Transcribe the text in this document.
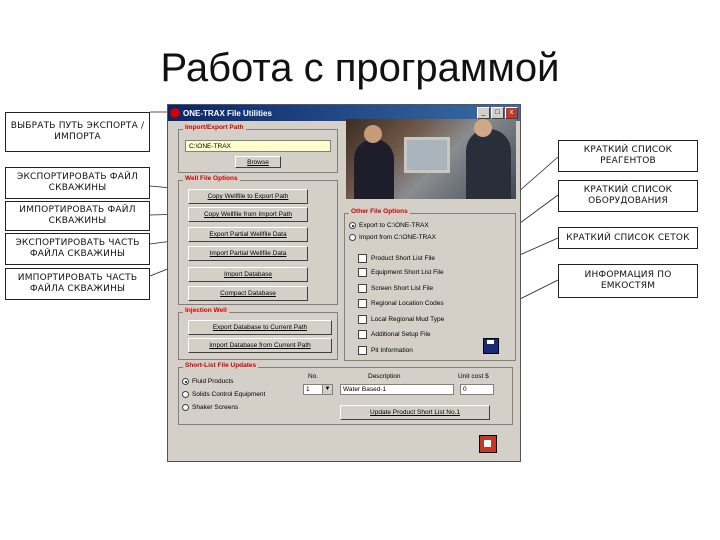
Работа с программой
ВЫБРАТЬ ПУТЬ ЭКСПОРТА / ИМПОРТА
ЭКСПОРТИРОВАТЬ ФАЙЛ СКВАЖИНЫ
ИМПОРТИРОВАТЬ ФАЙЛ СКВАЖИНЫ
ЭКСПОРТИРОВАТЬ ЧАСТЬ ФАЙЛА СКВАЖИНЫ
ИМПОРТИРОВАТЬ ЧАСТЬ ФАЙЛА СКВАЖИНЫ
КРАТКИЙ СПИСОК РЕАГЕНТОВ
КРАТКИЙ СПИСОК ОБОРУДОВАНИЯ
КРАТКИЙ СПИСОК СЕТОК
ИНФОРМАЦИЯ ПО ЕМКОСТЯМ
ONE-TRAX File Utilities	_	□	x
Import/Export Path
C:\ONE-TRAX
Browse
Well File Options
Copy Wellfile to Export Path
Copy Wellfile from Import Path
Export Partial Wellfile Data
Import Partial Wellfile Data
Import Database
Compact Database
Injection Well
Export Database to Current Path
Import Database from Current Path
Other File Options
Export to C:\ONE-TRAX
Import from C:\ONE-TRAX
Product Short List File
Equipment Short List File
Screen Short List File
Regional Location Codes
Local Regional Mud Type
Additional Setup File
Pit Information
Short-List File Updates
Fluid Products
Solids Control Equipment
Shaker Screens
No.	Description	Unit cost $
1	▼	Water Based-1	0
Update Product Short List No.1
